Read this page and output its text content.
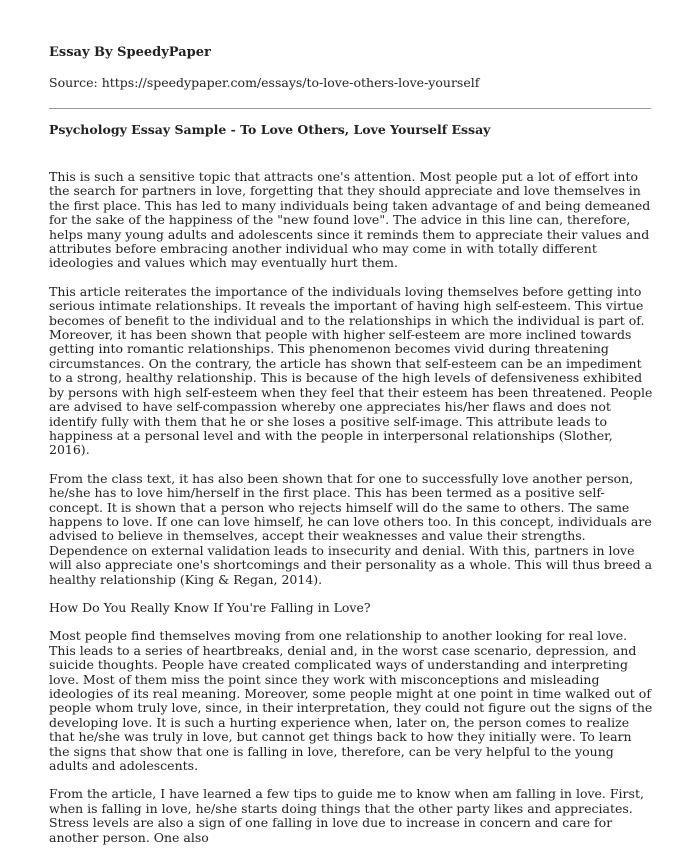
Essay By SpeedyPaper

Source: https://speedypaper.com/essays/to-love-others-love-yourself

Psychology Essay Sample - To Love Others, Love Yourself Essay

This is such a sensitive topic that attracts one's attention. Most people put a lot of effort into the search for partners in love, forgetting that they should appreciate and love themselves in the first place. This has led to many individuals being taken advantage of and being demeaned for the sake of the happiness of the "new found love". The advice in this line can, therefore, helps many young adults and adolescents since it reminds them to appreciate their values and attributes before embracing another individual who may come in with totally different ideologies and values which may eventually hurt them.

This article reiterates the importance of the individuals loving themselves before getting into serious intimate relationships. It reveals the important of having high self-esteem. This virtue becomes of benefit to the individual and to the relationships in which the individual is part of. Moreover, it has been shown that people with higher self-esteem are more inclined towards getting into romantic relationships. This phenomenon becomes vivid during threatening circumstances. On the contrary, the article has shown that self-esteem can be an impediment to a strong, healthy relationship. This is because of the high levels of defensiveness exhibited by persons with high self-esteem when they feel that their esteem has been threatened. People are advised to have self-compassion whereby one appreciates his/her flaws and does not identify fully with them that he or she loses a positive self-image. This attribute leads to happiness at a personal level and with the people in interpersonal relationships (Slother, 2016).

From the class text, it has also been shown that for one to successfully love another person, he/she has to love him/herself in the first place. This has been termed as a positive self-concept. It is shown that a person who rejects himself will do the same to others. The same happens to love. If one can love himself, he can love others too. In this concept, individuals are advised to believe in themselves, accept their weaknesses and value their strengths. Dependence on external validation leads to insecurity and denial. With this, partners in love will also appreciate one's shortcomings and their personality as a whole. This will thus breed a healthy relationship (King & Regan, 2014).

How Do You Really Know If You're Falling in Love?

Most people find themselves moving from one relationship to another looking for real love. This leads to a series of heartbreaks, denial and, in the worst case scenario, depression, and suicide thoughts. People have created complicated ways of understanding and interpreting love. Most of them miss the point since they work with misconceptions and misleading ideologies of its real meaning. Moreover, some people might at one point in time walked out of people whom truly love, since, in their interpretation, they could not figure out the signs of the developing love. It is such a hurting experience when, later on, the person comes to realize that he/she was truly in love, but cannot get things back to how they initially were. To learn the signs that show that one is falling in love, therefore, can be very helpful to the young adults and adolescents.

From the article, I have learned a few tips to guide me to know when am falling in love. First, when is falling in love, he/she starts doing things that the other party likes and appreciates. Stress levels are also a sign of one falling in love due to increase in concern and care for another person. One also
